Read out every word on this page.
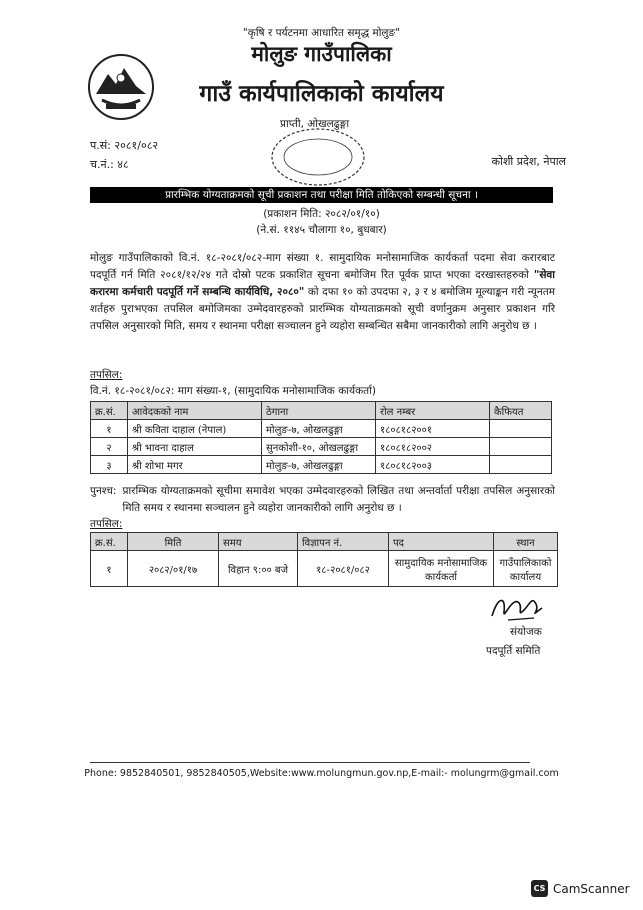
"कृषि र पर्यटनमा आधारित समृद्ध मोलुङ"
मोलुङ गाउँपालिका
गाउँ कार्यपालिकाको कार्यालय
प्राप्ती, ओखलढुङ्गा
प.सं: २०८१/०८२
च.नं.: ४८	कोशी प्रदेश, नेपाल
प्रारम्भिक योग्यताक्रमको सूची प्रकाशन तथा परीक्षा मिति तोकिएको सम्बन्धी सूचना ।
(प्रकाशन मिति: २०८२/०१/१०)
(ने.सं. ११४५ चौलागा १०, बुधबार)
मोलुङ गाउँपालिकाको वि.नं. १८-२०८१/०८२-माग संख्या १. सामुदायिक मनोसामाजिक कार्यकर्ता पदमा सेवा करारबाट पदपूर्ति गर्न मिति २०८१/१२/२४ गते दोस्रो पटक प्रकाशित सूचना बमोजिम रित पूर्वक प्राप्त भएका दरखास्तहरुको "सेवा करारमा कर्मचारी पदपूर्ति गर्ने सम्बन्धि कार्यविधि, २०८०" को दफा १० को उपदफा २, ३ र ४ बमोजिम मूल्याङ्कन गरी न्यूनतम शर्तहरु पुराभएका तपसिल बमोजिमका उम्मेदवारहरुको प्रारम्भिक योग्यताक्रमको सूची वर्णानुक्रम अनुसार प्रकाशन गरि तपसिल अनुसारको मिति, समय र स्थानमा परीक्षा सञ्चालन हुने व्यहोरा सम्बन्धित सबैमा जानकारीको लागि अनुरोध छ ।
तपसिल:
वि.नं. १८-२०८१/०८२: माग संख्या-१, (सामुदायिक मनोसामाजिक कार्यकर्ता)
क्र.सं.	आवेदकको नाम	ठेगाना	रोल नम्बर	कैफियत
१	श्री कविता दाहाल (नेपाल)	मोलुङ-७, ओखलढुङ्गा	१८०८१८२००१	
२	श्री भावना दाहाल	सुनकोशी-१०, ओखलढुङ्गा	१८०८१८२००२	
३	श्री शोभा मगर	मोलुङ-७, ओखलढुङ्गा	१८०८१८२००३	
पुनश्च: प्रारम्भिक योग्यताक्रमको सूचीमा समावेश भएका उम्मेदवारहरुको लिखित तथा अन्तर्वार्ता परीक्षा तपसिल अनुसारको मिति समय र स्थानमा सञ्चालन हुने व्यहोरा जानकारीको लागि अनुरोध छ ।
तपसिल:
क्र.सं.	मिति	समय	विज्ञापन नं.	पद	स्थान
१	२०८२/०१/१७	विहान ९:०० बजे	१८-२०८१/०८२	सामुदायिक मनोसामाजिक कार्यकर्ता	गाउँपालिकाको कार्यालय
संयोजक
पदपूर्ति समिति
Phone: 9852840501, 9852840505,Website:www.molungmun.gov.np,E-mail:- molungrm@gmail.com
CS CamScanner
